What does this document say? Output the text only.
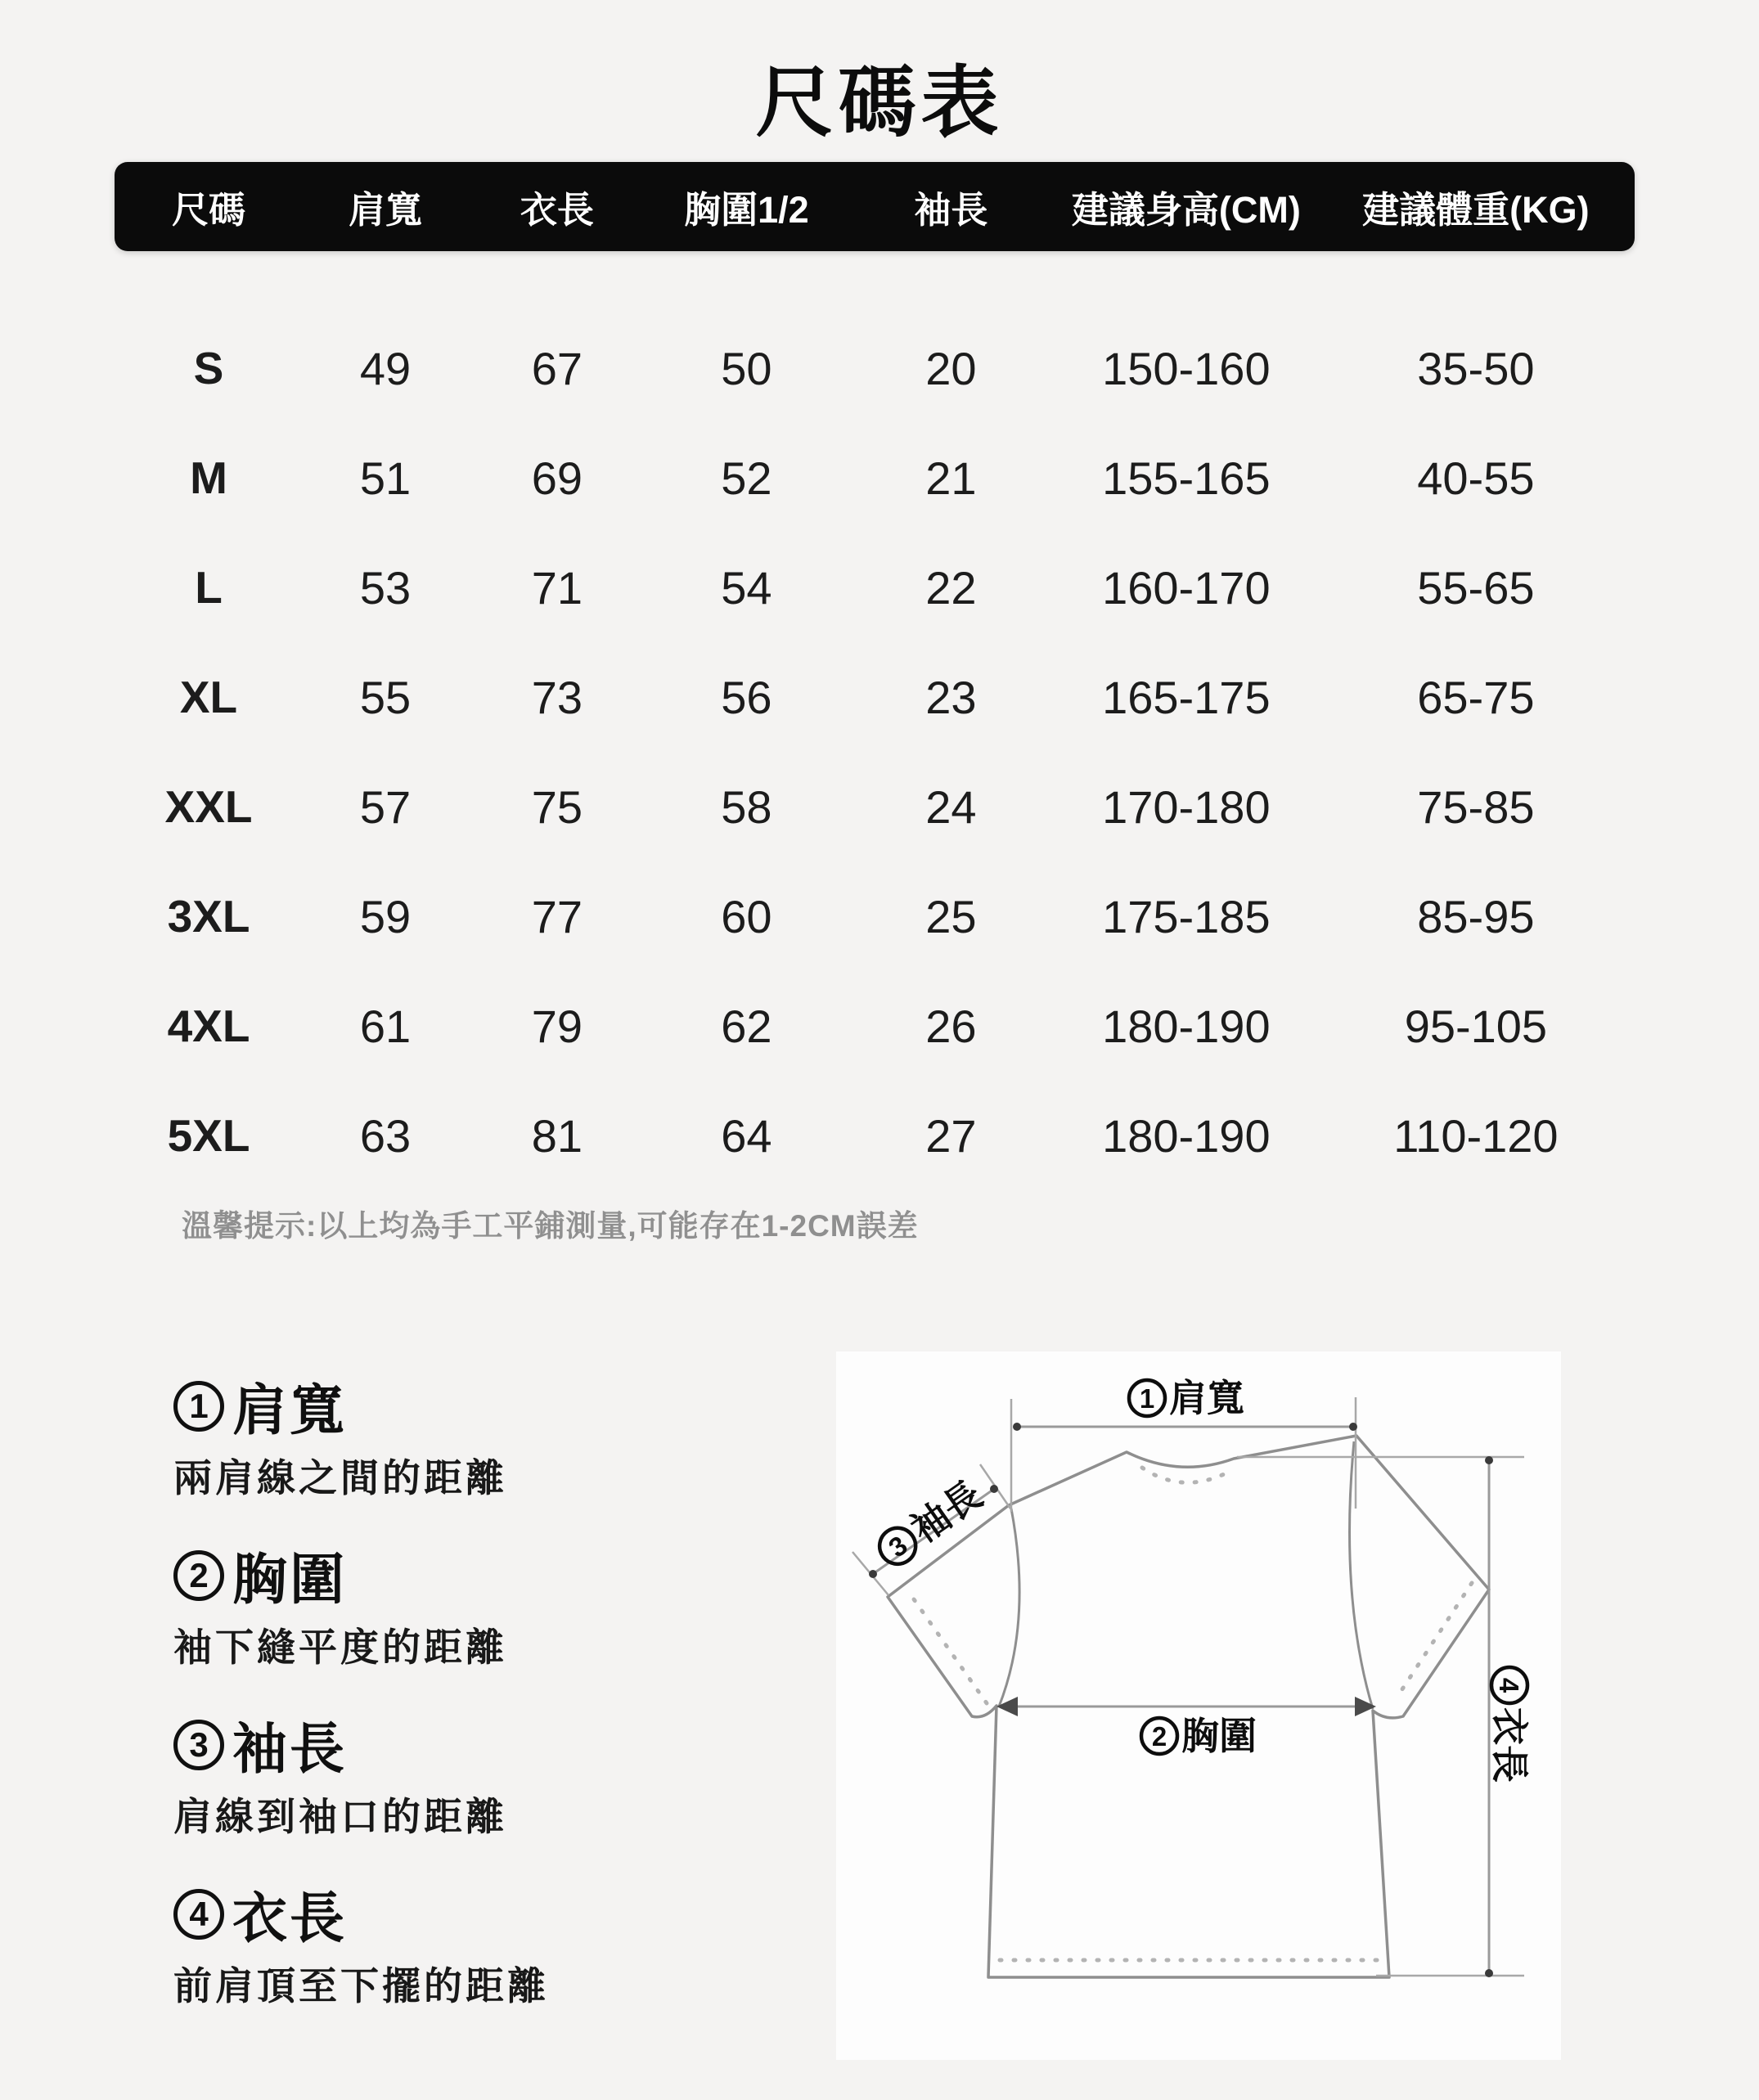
尺碼表
尺碼	肩寬	衣長	胸圍1/2	袖長	建議身高(CM)	建議體重(KG)
S	49	67	50	20	150-160	35-50
M	51	69	52	21	155-165	40-55
L	53	71	54	22	160-170	55-65
XL	55	73	56	23	165-175	65-75
XXL	57	75	58	24	170-180	75-85
3XL	59	77	60	25	175-185	85-95
4XL	61	79	62	26	180-190	95-105
5XL	63	81	64	27	180-190	110-120
溫馨提示:以上均為手工平鋪測量,可能存在1-2CM誤差
1 肩寬
兩肩線之間的距離
2 胸圍
袖下縫平度的距離
3 袖長
肩線到袖口的距離
4 衣長
前肩頂至下擺的距離
1 肩寬
3
袖長
2 胸圍
4
衣長
